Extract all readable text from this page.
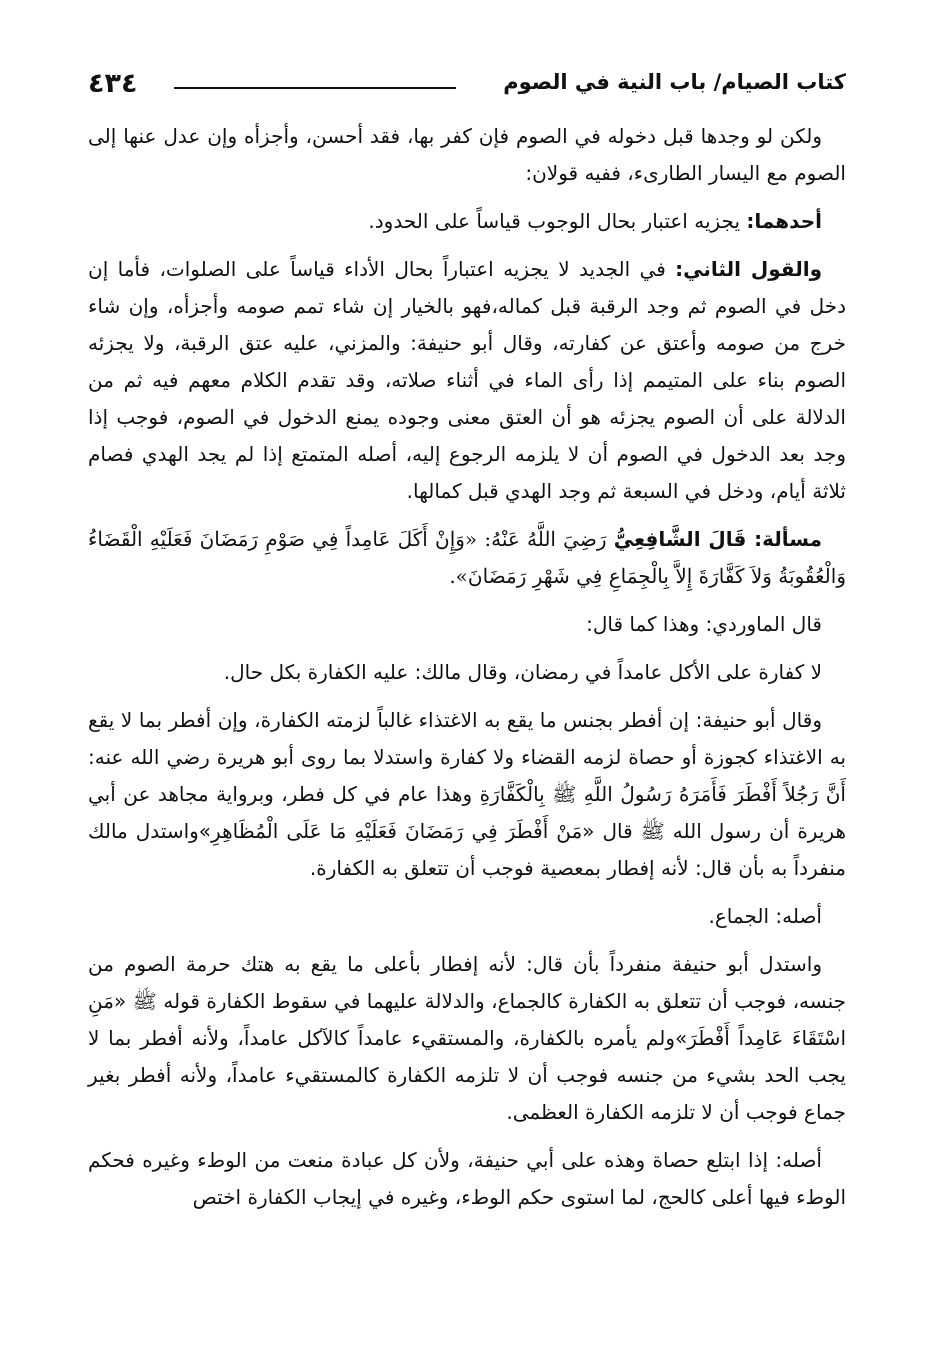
كتاب الصيام/ باب النية في الصوم
٤٣٤

ولكن لو وجدها قبل دخوله في الصوم فإن كفر بها، فقد أحسن، وأجزأه وإن عدل عنها إلى الصوم مع اليسار الطارىء، ففيه قولان:

أحدهما: يجزيه اعتبار بحال الوجوب قياساً على الحدود.

والقول الثاني: في الجديد لا يجزيه اعتباراً بحال الأداء قياساً على الصلوات، فأما إن دخل في الصوم ثم وجد الرقبة قبل كماله،فهو بالخيار إن شاء تمم صومه وأجزأه، وإن شاء خرج من صومه وأعتق عن كفارته، وقال أبو حنيفة: والمزني، عليه عتق الرقبة، ولا يجزئه الصوم بناء على المتيمم إذا رأى الماء في أثناء صلاته، وقد تقدم الكلام معهم فيه ثم من الدلالة على أن الصوم يجزئه هو أن العتق معنى وجوده يمنع الدخول في الصوم، فوجب إذا وجد بعد الدخول في الصوم أن لا يلزمه الرجوع إليه، أصله المتمتع إذا لم يجد الهدي فصام ثلاثة أيام، ودخل في السبعة ثم وجد الهدي قبل كمالها.

مسألة: قَالَ الشَّافِعِيُّ رَضِيَ اللَّهُ عَنْهُ: «وَإِنْ أَكَلَ عَامِداً فِي صَوْمِ رَمَضَانَ فَعَلَيْهِ الْقَضَاءُ وَالْعُقُوبَةُ وَلاَ كَفَّارَةَ إِلاَّ بِالْجِمَاعِ فِي شَهْرِ رَمَضَانَ».

قال الماوردي: وهذا كما قال:

لا كفارة على الأكل عامداً في رمضان، وقال مالك: عليه الكفارة بكل حال.

وقال أبو حنيفة: إن أفطر بجنس ما يقع به الاغتذاء غالباً لزمته الكفارة، وإن أفطر بما لا يقع به الاغتذاء كجوزة أو حصاة لزمه القضاء ولا كفارة واستدلا بما روى أبو هريرة رضي الله عنه: أَنَّ رَجُلاً أَفْطَرَ فَأَمَرَهُ رَسُولُ اللَّهِ ﷺ بِالْكَفَّارَةِ وهذا عام في كل فطر، وبرواية مجاهد عن أبي هريرة أن رسول الله ﷺ قال «مَنْ أَفْطَرَ فِي رَمَضَانَ فَعَلَيْهِ مَا عَلَى الْمُظَاهِرِ»واستدل مالك منفرداً به بأن قال: لأنه إفطار بمعصية فوجب أن تتعلق به الكفارة.

أصله: الجماع.

واستدل أبو حنيفة منفرداً بأن قال: لأنه إفطار بأعلى ما يقع به هتك حرمة الصوم من جنسه، فوجب أن تتعلق به الكفارة كالجماع، والدلالة عليهما في سقوط الكفارة قوله ﷺ «مَنِ اسْتَقَاءَ عَامِداً أَفْطَرَ»ولم يأمره بالكفارة، والمستقيء عامداً كالآكل عامداً، ولأنه أفطر بما لا يجب الحد بشيء من جنسه فوجب أن لا تلزمه الكفارة كالمستقيء عامداً، ولأنه أفطر بغير جماع فوجب أن لا تلزمه الكفارة العظمى.

أصله: إذا ابتلع حصاة وهذه على أبي حنيفة، ولأن كل عبادة منعت من الوطء وغيره فحكم الوطء فيها أعلى كالحج، لما استوى حكم الوطء، وغيره في إيجاب الكفارة اختص
